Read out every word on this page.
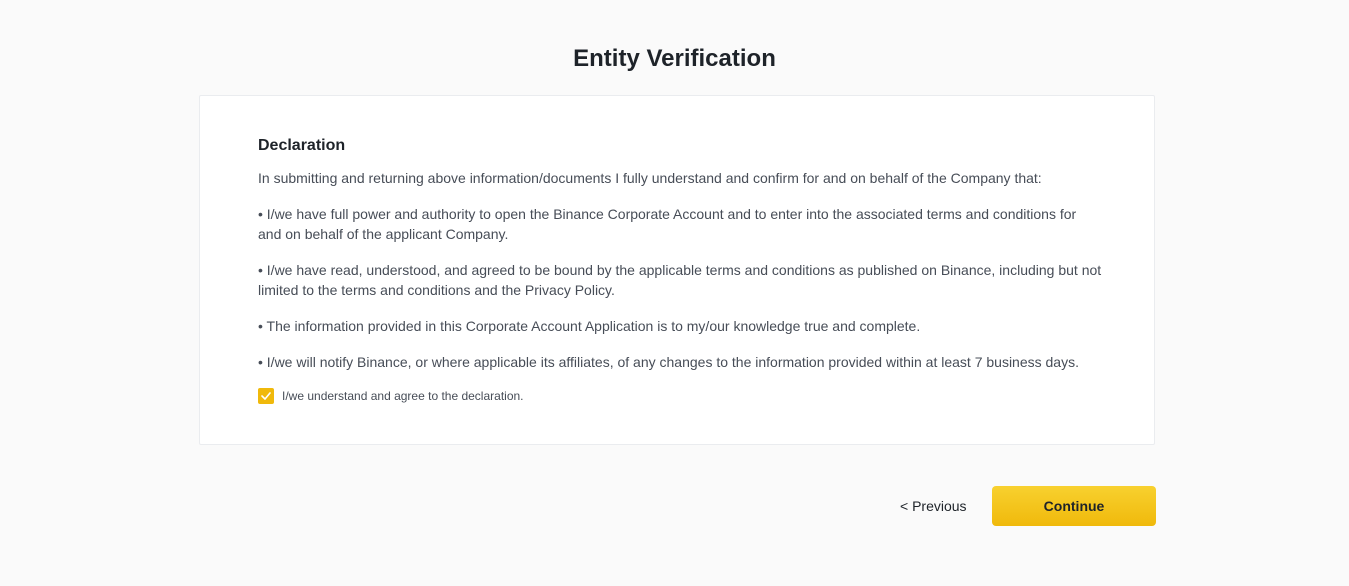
Entity Verification
Declaration

In submitting and returning above information/documents I fully understand and confirm for and on behalf of the Company that:

• I/we have full power and authority to open the Binance Corporate Account and to enter into the associated terms and conditions for and on behalf of the applicant Company.

• I/we have read, understood, and agreed to be bound by the applicable terms and conditions as published on Binance, including but not limited to the terms and conditions and the Privacy Policy.

• The information provided in this Corporate Account Application is to my/our knowledge true and complete.

• I/we will notify Binance, or where applicable its affiliates, of any changes to the information provided within at least 7 business days.

I/we understand and agree to the declaration.
< Previous	Continue
